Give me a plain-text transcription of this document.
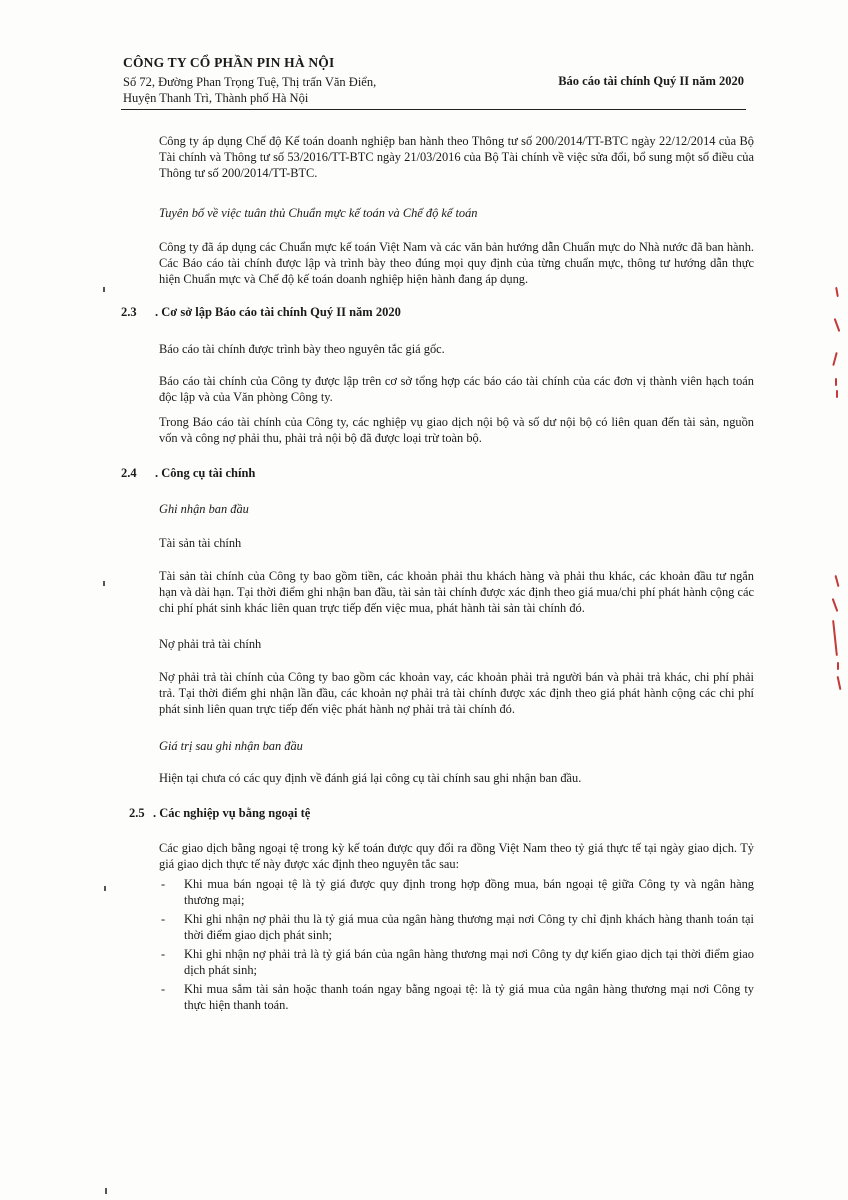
CÔNG TY CỔ PHẦN PIN HÀ NỘI
Số 72, Đường Phan Trọng Tuệ, Thị trấn Văn Điển,
Huyện Thanh Trì, Thành phố Hà Nội
Báo cáo tài chính Quý II năm 2020
Công ty áp dụng Chế độ Kế toán doanh nghiệp ban hành theo Thông tư số 200/2014/TT-BTC ngày 22/12/2014 của Bộ Tài chính và Thông tư số 53/2016/TT-BTC ngày 21/03/2016 của Bộ Tài chính về việc sửa đổi, bổ sung một số điều của Thông tư số 200/2014/TT-BTC.
Tuyên bố về việc tuân thủ Chuẩn mực kế toán và Chế độ kế toán
Công ty đã áp dụng các Chuẩn mực kế toán Việt Nam và các văn bản hướng dẫn Chuẩn mực do Nhà nước đã ban hành. Các Báo cáo tài chính được lập và trình bày theo đúng mọi quy định của từng chuẩn mực, thông tư hướng dẫn thực hiện Chuẩn mực và Chế độ kế toán doanh nghiệp hiện hành đang áp dụng.
2.3 . Cơ sở lập Báo cáo tài chính Quý II năm 2020
Báo cáo tài chính được trình bày theo nguyên tắc giá gốc.
Báo cáo tài chính của Công ty được lập trên cơ sở tổng hợp các báo cáo tài chính của các đơn vị thành viên hạch toán độc lập và của Văn phòng Công ty.
Trong Báo cáo tài chính của Công ty, các nghiệp vụ giao dịch nội bộ và số dư nội bộ có liên quan đến tài sản, nguồn vốn và công nợ phải thu, phải trả nội bộ đã được loại trừ toàn bộ.
2.4 . Công cụ tài chính
Ghi nhận ban đầu
Tài sản tài chính
Tài sản tài chính của Công ty bao gồm tiền, các khoản phải thu khách hàng và phải thu khác, các khoản đầu tư ngắn hạn và dài hạn. Tại thời điểm ghi nhận ban đầu, tài sản tài chính được xác định theo giá mua/chi phí phát hành cộng các chi phí phát sinh khác liên quan trực tiếp đến việc mua, phát hành tài sản tài chính đó.
Nợ phải trả tài chính
Nợ phải trả tài chính của Công ty bao gồm các khoản vay, các khoản phải trả người bán và phải trả khác, chi phí phải trả. Tại thời điểm ghi nhận lần đầu, các khoản nợ phải trả tài chính được xác định theo giá phát hành cộng các chi phí phát sinh liên quan trực tiếp đến việc phát hành nợ phải trả tài chính đó.
Giá trị sau ghi nhận ban đầu
Hiện tại chưa có các quy định về đánh giá lại công cụ tài chính sau ghi nhận ban đầu.
2.5 . Các nghiệp vụ bằng ngoại tệ
Các giao dịch bằng ngoại tệ trong kỳ kế toán được quy đổi ra đồng Việt Nam theo tỷ giá thực tế tại ngày giao dịch. Tỷ giá giao dịch thực tế này được xác định theo nguyên tắc sau:
- Khi mua bán ngoại tệ là tỷ giá được quy định trong hợp đồng mua, bán ngoại tệ giữa Công ty và ngân hàng thương mại;
- Khi ghi nhận nợ phải thu là tỷ giá mua của ngân hàng thương mại nơi Công ty chỉ định khách hàng thanh toán tại thời điểm giao dịch phát sinh;
- Khi ghi nhận nợ phải trả là tỷ giá bán của ngân hàng thương mại nơi Công ty dự kiến giao dịch tại thời điểm giao dịch phát sinh;
- Khi mua sắm tài sản hoặc thanh toán ngay bằng ngoại tệ: là tỷ giá mua của ngân hàng thương mại nơi Công ty thực hiện thanh toán.
